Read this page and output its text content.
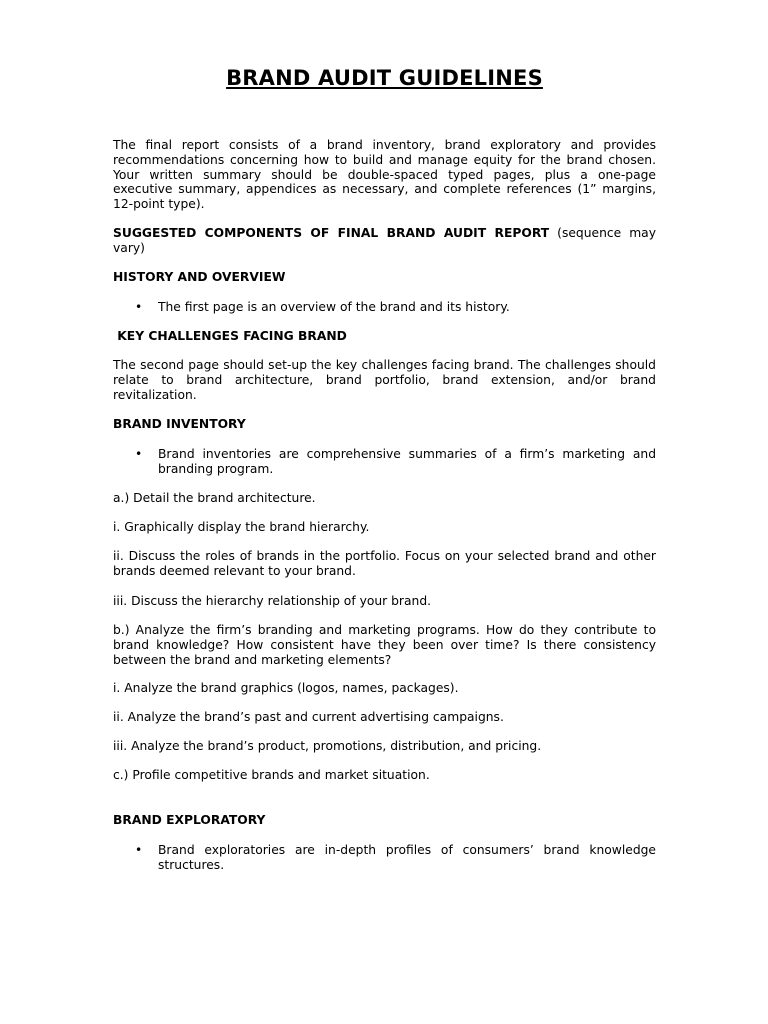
BRAND AUDIT GUIDELINES

The final report consists of a brand inventory, brand exploratory and provides recommendations concerning how to build and manage equity for the brand chosen. Your written summary should be double-spaced typed pages, plus a one-page executive summary, appendices as necessary, and complete references (1” margins, 12-point type).

SUGGESTED COMPONENTS OF FINAL BRAND AUDIT REPORT (sequence may vary)

HISTORY AND OVERVIEW

• The first page is an overview of the brand and its history.

KEY CHALLENGES FACING BRAND

The second page should set-up the key challenges facing brand. The challenges should relate to brand architecture, brand portfolio, brand extension, and/or brand revitalization.

BRAND INVENTORY

• Brand inventories are comprehensive summaries of a firm’s marketing and branding program.

a.) Detail the brand architecture.

i. Graphically display the brand hierarchy.

ii. Discuss the roles of brands in the portfolio. Focus on your selected brand and other brands deemed relevant to your brand.

iii. Discuss the hierarchy relationship of your brand.

b.) Analyze the firm’s branding and marketing programs. How do they contribute to brand knowledge? How consistent have they been over time? Is there consistency between the brand and marketing elements?

i. Analyze the brand graphics (logos, names, packages).

ii. Analyze the brand’s past and current advertising campaigns.

iii. Analyze the brand’s product, promotions, distribution, and pricing.

c.) Profile competitive brands and market situation.

BRAND EXPLORATORY

• Brand exploratories are in-depth profiles of consumers’ brand knowledge structures.
